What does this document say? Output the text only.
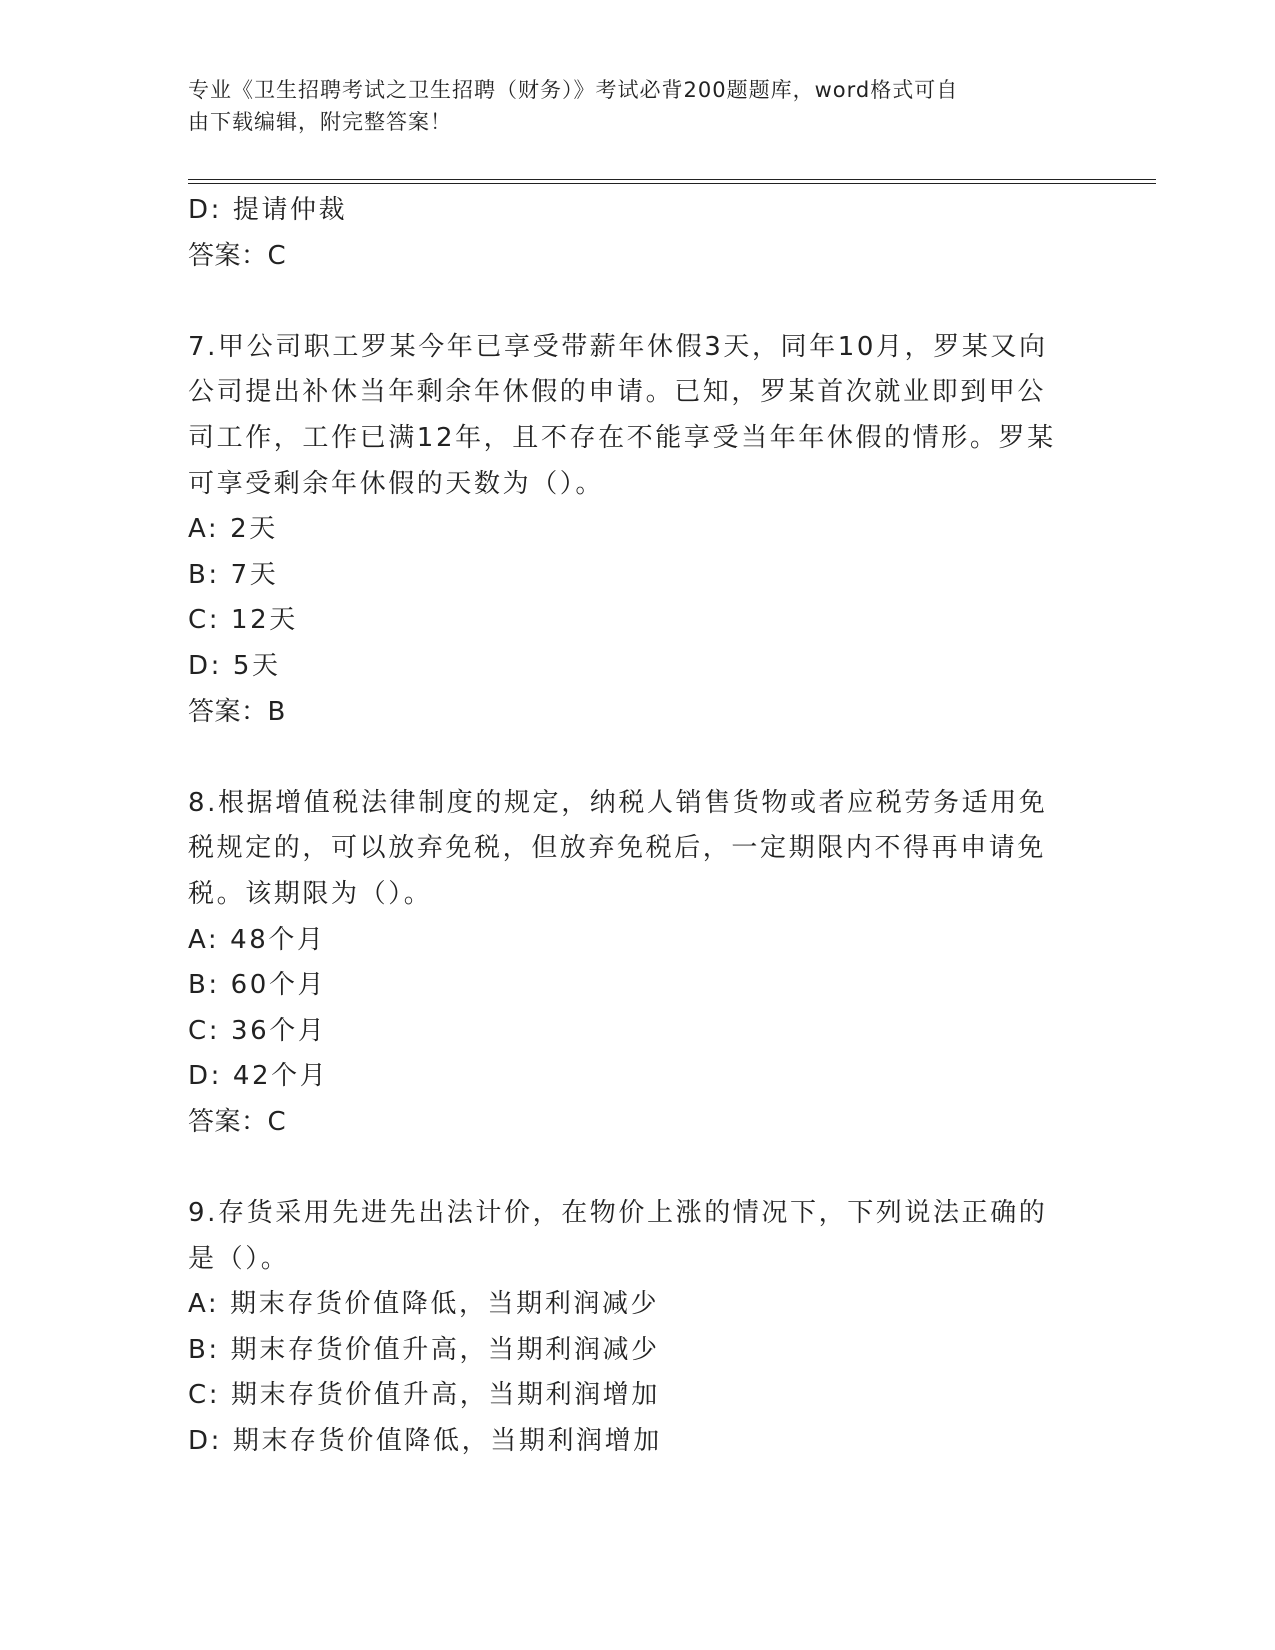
专业《卫生招聘考试之卫生招聘（财务）》考试必背200题题库，word格式可自
由下载编辑，附完整答案！
D: 提请仲裁
答案：C
7.甲公司职工罗某今年已享受带薪年休假3天，同年10月，罗某又向
公司提出补休当年剩余年休假的申请。已知，罗某首次就业即到甲公
司工作，工作已满12年，且不存在不能享受当年年休假的情形。罗某
可享受剩余年休假的天数为（）。
A: 2天
B: 7天
C: 12天
D: 5天
答案：B
8.根据增值税法律制度的规定，纳税人销售货物或者应税劳务适用免
税规定的，可以放弃免税，但放弃免税后，一定期限内不得再申请免
税。该期限为（）。
A: 48个月
B: 60个月
C: 36个月
D: 42个月
答案：C
9.存货采用先进先出法计价，在物价上涨的情况下，下列说法正确的
是（）。
A: 期末存货价值降低，当期利润减少
B: 期末存货价值升高，当期利润减少
C: 期末存货价值升高，当期利润增加
D: 期末存货价值降低，当期利润增加
